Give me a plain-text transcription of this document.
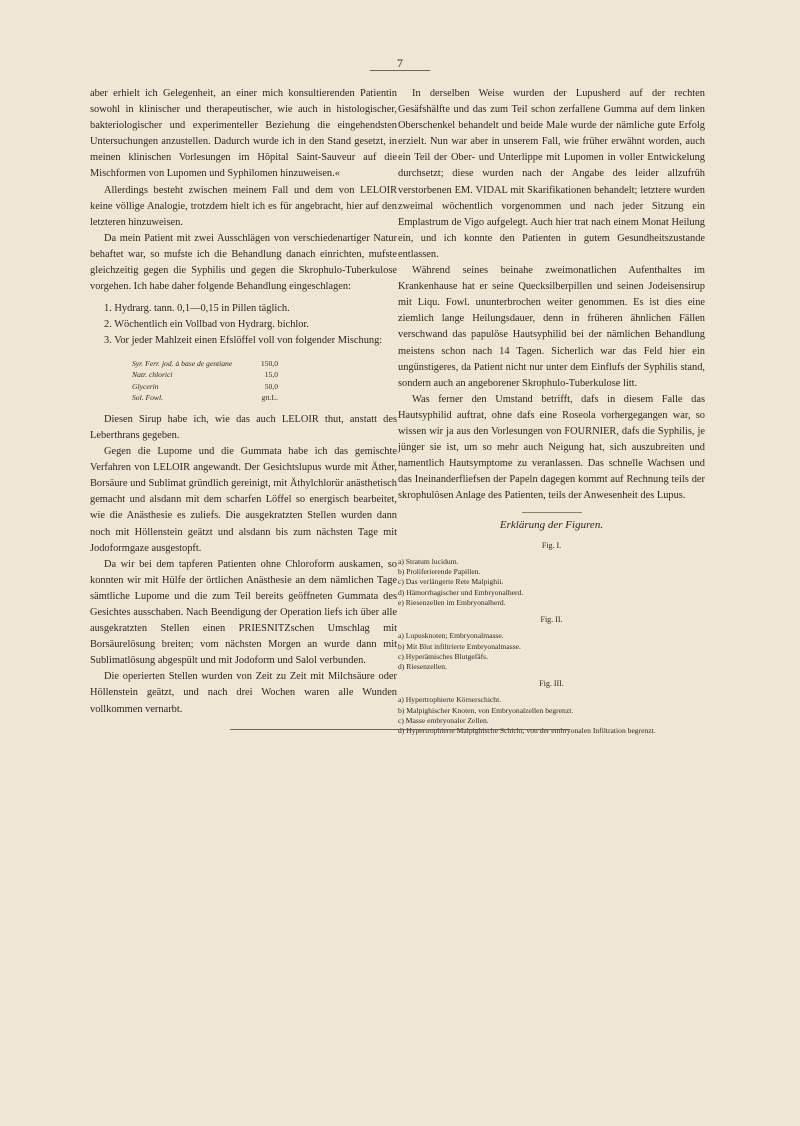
7

aber erhielt ich Gelegenheit, an einer mich konsultierenden Patientin sowohl in klinischer und therapeutischer, wie auch in histologischer, bakteriologischer und experimenteller Beziehung die eingehendsten Untersuchungen anzustellen. Dadurch wurde ich in den Stand gesetzt, in meinen klinischen Vorlesungen im Hôpital Saint-Sauveur auf die Mischformen von Lupomen und Syphilomen hinzuweisen.«

Allerdings besteht zwischen meinem Fall und dem von LELOIR keine völlige Analogie, trotzdem hielt ich es für angebracht, hier auf den letzteren hinzuweisen.

Da mein Patient mit zwei Ausschlägen von verschiedenartiger Natur behaftet war, so mufste ich die Behandlung danach einrichten, mufste gleichzeitig gegen die Syphilis und gegen die Skrophulo-Tuberkulose vorgehen. Ich habe daher folgende Behandlung eingeschlagen:

1. Hydrarg. tann. 0,1—0,15 in Pillen täglich.

2. Wöchentlich ein Vollbad von Hydrarg. bichlor.

3. Vor jeder Mahlzeit einen Efslöffel voll von folgender Mischung:

Syr. Ferr. jod. à base de gentiane	150,0
Natr. chlorici	15,0
Glycerin	50,0
Sol. Fowl.	gtt.L.

Diesen Sirup habe ich, wie das auch LELOIR thut, anstatt des Leberthrans gegeben.

Gegen die Lupome und die Gummata habe ich das gemischte Verfahren von LELOIR angewandt. Der Gesichtslupus wurde mit Äther, Borsäure und Sublimat gründlich gereinigt, mit Äthylchlorür anästhetisch gemacht und alsdann mit dem scharfen Löffel so energisch bearbeitet, wie die Anästhesie es zuliefs. Die ausgekratzten Stellen wurden dann noch mit Höllenstein geätzt und alsdann bis zum nächsten Tage mit Jodoformgaze ausgestopft.

Da wir bei dem tapferen Patienten ohne Chloroform auskamen, so konnten wir mit Hülfe der örtlichen Anästhesie an dem nämlichen Tage sämtliche Lupome und die zum Teil bereits geöffneten Gummata des Gesichtes ausschaben. Nach Beendigung der Operation liefs ich über alle ausgekratzten Stellen einen PRIESNITZschen Umschlag mit Borsäurelösung breiten; vom nächsten Morgen an wurde dann mit Sublimatlösung abgespült und mit Jodoform und Salol verbunden.

Die operierten Stellen wurden von Zeit zu Zeit mit Milchsäure oder Höllenstein geätzt, und nach drei Wochen waren alle Wunden vollkommen vernarbt.

In derselben Weise wurden der Lupusherd auf der rechten Gesäfshälfte und das zum Teil schon zerfallene Gumma auf dem linken Oberschenkel behandelt und beide Male wurde der nämliche gute Erfolg erzielt. Nun war aber in unserem Fall, wie früher erwähnt worden, auch ein Teil der Ober- und Unterlippe mit Lupomen in voller Entwickelung durchsetzt; diese wurden nach der Angabe des leider allzufrüh verstorbenen EM. VIDAL mit Skarifikationen behandelt; letztere wurden zweimal wöchentlich vorgenommen und nach jeder Sitzung ein Emplastrum de Vigo aufgelegt. Auch hier trat nach einem Monat Heilung ein, und ich konnte den Patienten in gutem Gesundheitszustande entlassen.

Während seines beinahe zweimonatlichen Aufenthaltes im Krankenhause hat er seine Quecksilberpillen und seinen Jodeisensirup mit Liqu. Fowl. ununterbrochen weiter genommen. Es ist dies eine ziemlich lange Heilungsdauer, denn in früheren ähnlichen Fällen verschwand das papulöse Hautsyphilid bei der nämlichen Behandlung meistens schon nach 14 Tagen. Sicherlich war das Feld hier ein ungünstigeres, da Patient nicht nur unter dem Einflufs der Syphilis stand, sondern auch an angeborener Skrophulo-Tuberkulose litt.

Was ferner den Umstand betrifft, dafs in diesem Falle das Hautsyphilid auftrat, ohne dafs eine Roseola vorhergegangen war, so wissen wir ja aus den Vorlesungen von FOURNIER, dafs die Syphilis, je jünger sie ist, um so mehr auch Neigung hat, sich auszubreiten und namentlich Hautsymptome zu veranlassen. Das schnelle Wachsen und das Ineinanderfliefsen der Papeln dagegen kommt auf Rechnung teils der skrophulösen Anlage des Patienten, teils der Anwesenheit des Lupus.

Erklärung der Figuren.
Fig. I.
a) Stratum lucidum.
b) Proliferierende Papillen.
c) Das verlängerte Rete Malpighii.
d) Hämorrhagischer und Embryonalherd.
e) Riesenzellen im Embryonalherd.
Fig. II.
a) Lupusknoten; Embryonalmasse.
b) Mit Blut infiltrierte Embryonalmasse.
c) Hyperämisches Blutgefäfs.
d) Riesenzellen.
Fig. III.
a) Hypertrophierte Körnerschicht.
b) Malpighischer Knoten, von Embryonalzellen begrenzt.
c) Masse embryonaler Zellen.
d) Hypertrophierte Malpighische Schicht, von der embryonalen Infiltration begrenzt.
